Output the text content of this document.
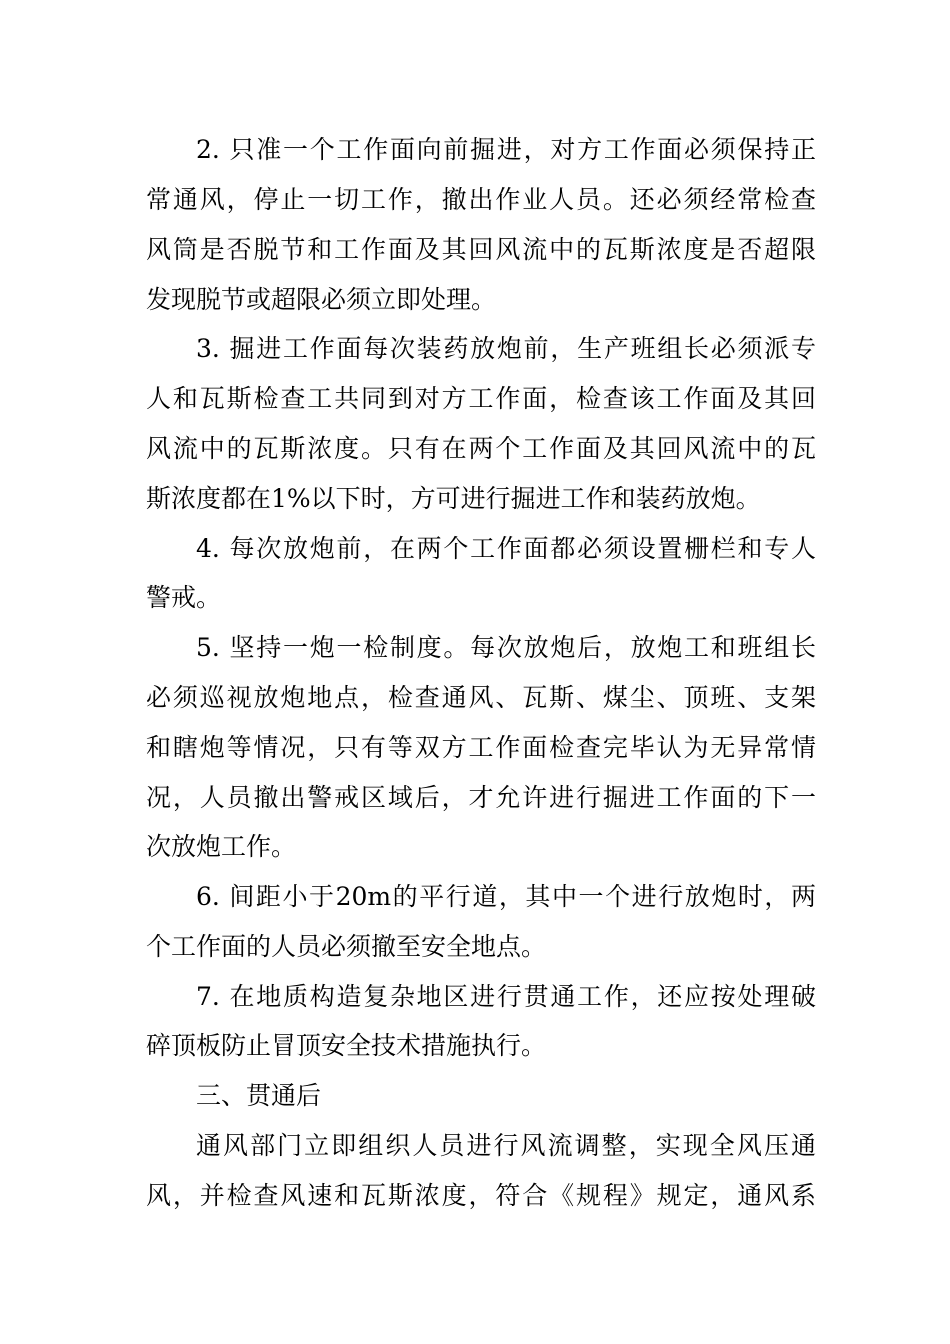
2. 只准一个工作面向前掘进，对方工作面必须保持正
常通风，停止一切工作，撤出作业人员。还必须经常检查
风筒是否脱节和工作面及其回风流中的瓦斯浓度是否超限
发现脱节或超限必须立即处理。
3. 掘进工作面每次装药放炮前，生产班组长必须派专
人和瓦斯检查工共同到对方工作面，检查该工作面及其回
风流中的瓦斯浓度。只有在两个工作面及其回风流中的瓦
斯浓度都在1%以下时，方可进行掘进工作和装药放炮。
4. 每次放炮前，在两个工作面都必须设置栅栏和专人
警戒。
5. 坚持一炮一检制度。每次放炮后，放炮工和班组长
必须巡视放炮地点，检查通风、瓦斯、煤尘、顶班、支架
和瞎炮等情况，只有等双方工作面检查完毕认为无异常情
况，人员撤出警戒区域后，才允许进行掘进工作面的下一
次放炮工作。
6. 间距小于20m的平行道，其中一个进行放炮时，两
个工作面的人员必须撤至安全地点。
7. 在地质构造复杂地区进行贯通工作，还应按处理破
碎顶板防止冒顶安全技术措施执行。
三、贯通后
通风部门立即组织人员进行风流调整，实现全风压通
风，并检查风速和瓦斯浓度，符合《规程》规定，通风系
